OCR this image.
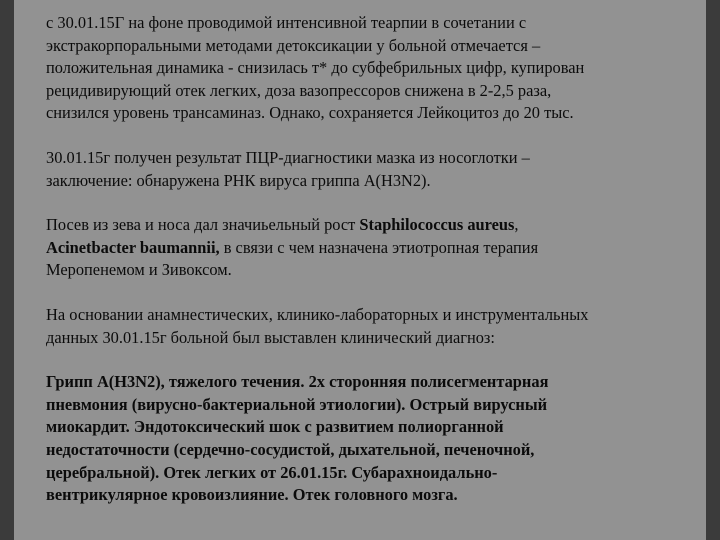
с 30.01.15Г на фоне проводимой интенсивной теарпии в сочетании с
экстракорпоральными методами детоксикации у больной отмечается –
положительная динамика - снизилась т* до субфебрильных цифр, купирован
рецидивирующий отек легких, доза вазопрессоров снижена в 2-2,5 раза,
снизился уровень трансаминаз. Однако, сохраняется Лейкоцитоз до 20 тыс.

30.01.15г получен результат ПЦР-диагностики мазка из носоглотки –
заключение: обнаружена РНК вируса гриппа А(H3N2).

Посев из зева и носа дал значиьельный рост Staphilococcus aureus,
Acinetbacter baumannii, в связи с чем назначена этиотропная терапия
Меропенемом и Зивоксом.

На основании анамнестических, клинико-лабораторных и инструментальных
данных 30.01.15г больной был выставлен клинический диагноз:

Грипп А(H3N2), тяжелого течения. 2х сторонняя полисегментарная
пневмония (вирусно-бактериальной этиологии). Острый вирусный
миокардит. Эндотоксический шок с развитием полиорганной
недостаточности (сердечно-сосудистой, дыхательной, печеночной,
церебральной). Отек легких от 26.01.15г. Субарахноидально-
вентрикулярное кровоизлияние. Отек головного мозга.
